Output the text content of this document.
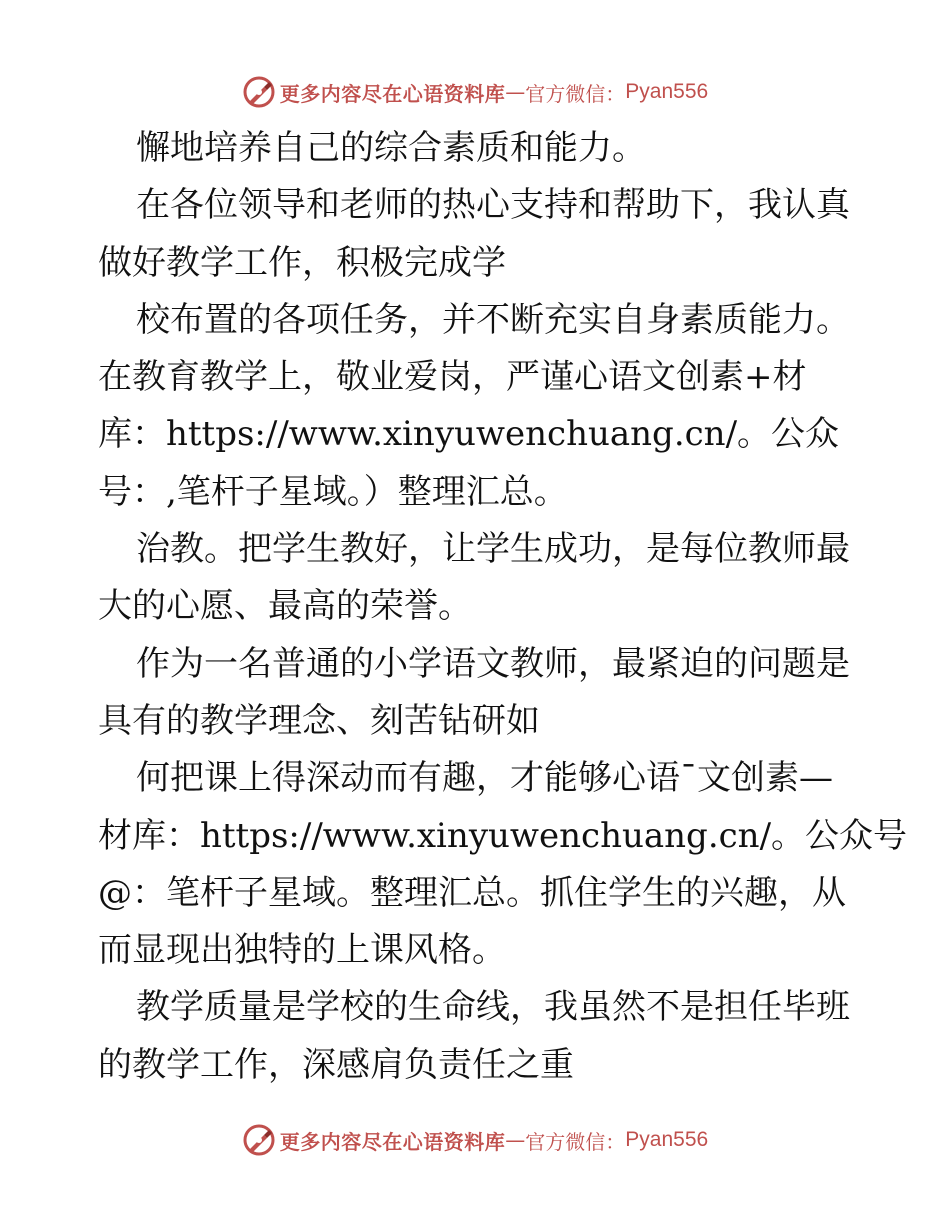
更多内容尽在心语资料库 — 官方微信： Pyan556
懈地培养自己的综合素质和能力。
在各位领导和老师的热心支持和帮助下，我认真
做好教学工作，积极完成学
校布置的各项任务，并不断充实自身素质能力。
在教育教学上，敬业爱岗，严谨心语文创素+材
库：https://www.xinyuwenchuang.cn/。公众
号：,笔杆子星域。）整理汇总。
治教。把学生教好，让学生成功，是每位教师最
大的心愿、最高的荣誉。
作为一名普通的小学语文教师，最紧迫的问题是
具有的教学理念、刻苦钻研如
何把课上得深动而有趣，才能够心语¯文创素—
材库：https://www.xinyuwenchuang.cn/。公众号
@：笔杆子星域。整理汇总。抓住学生的兴趣，从
而显现出独特的上课风格。
教学质量是学校的生命线，我虽然不是担任毕班
的教学工作，深感肩负责任之重
更多内容尽在心语资料库 — 官方微信： Pyan556
